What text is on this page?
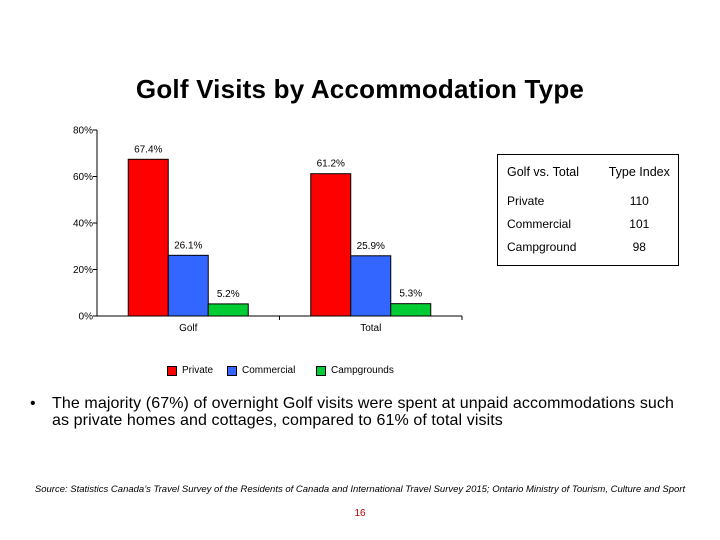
Golf Visits by Accommodation Type
0%
20%
40%
60%
80%
67.4%
26.1%
5.2%
Golf
61.2%
25.9%
5.3%
Total
Golf vs. Total	Type Index
Private	110
Commercial	101
Campground	98
Private	Commercial	Campgrounds
•	The majority (67%) of overnight Golf visits were spent at unpaid accommodations such as private homes and cottages, compared to 61% of total visits
Source: Statistics Canada’s Travel Survey of the Residents of Canada and International Travel Survey 2015; Ontario Ministry of Tourism, Culture and Sport
16
